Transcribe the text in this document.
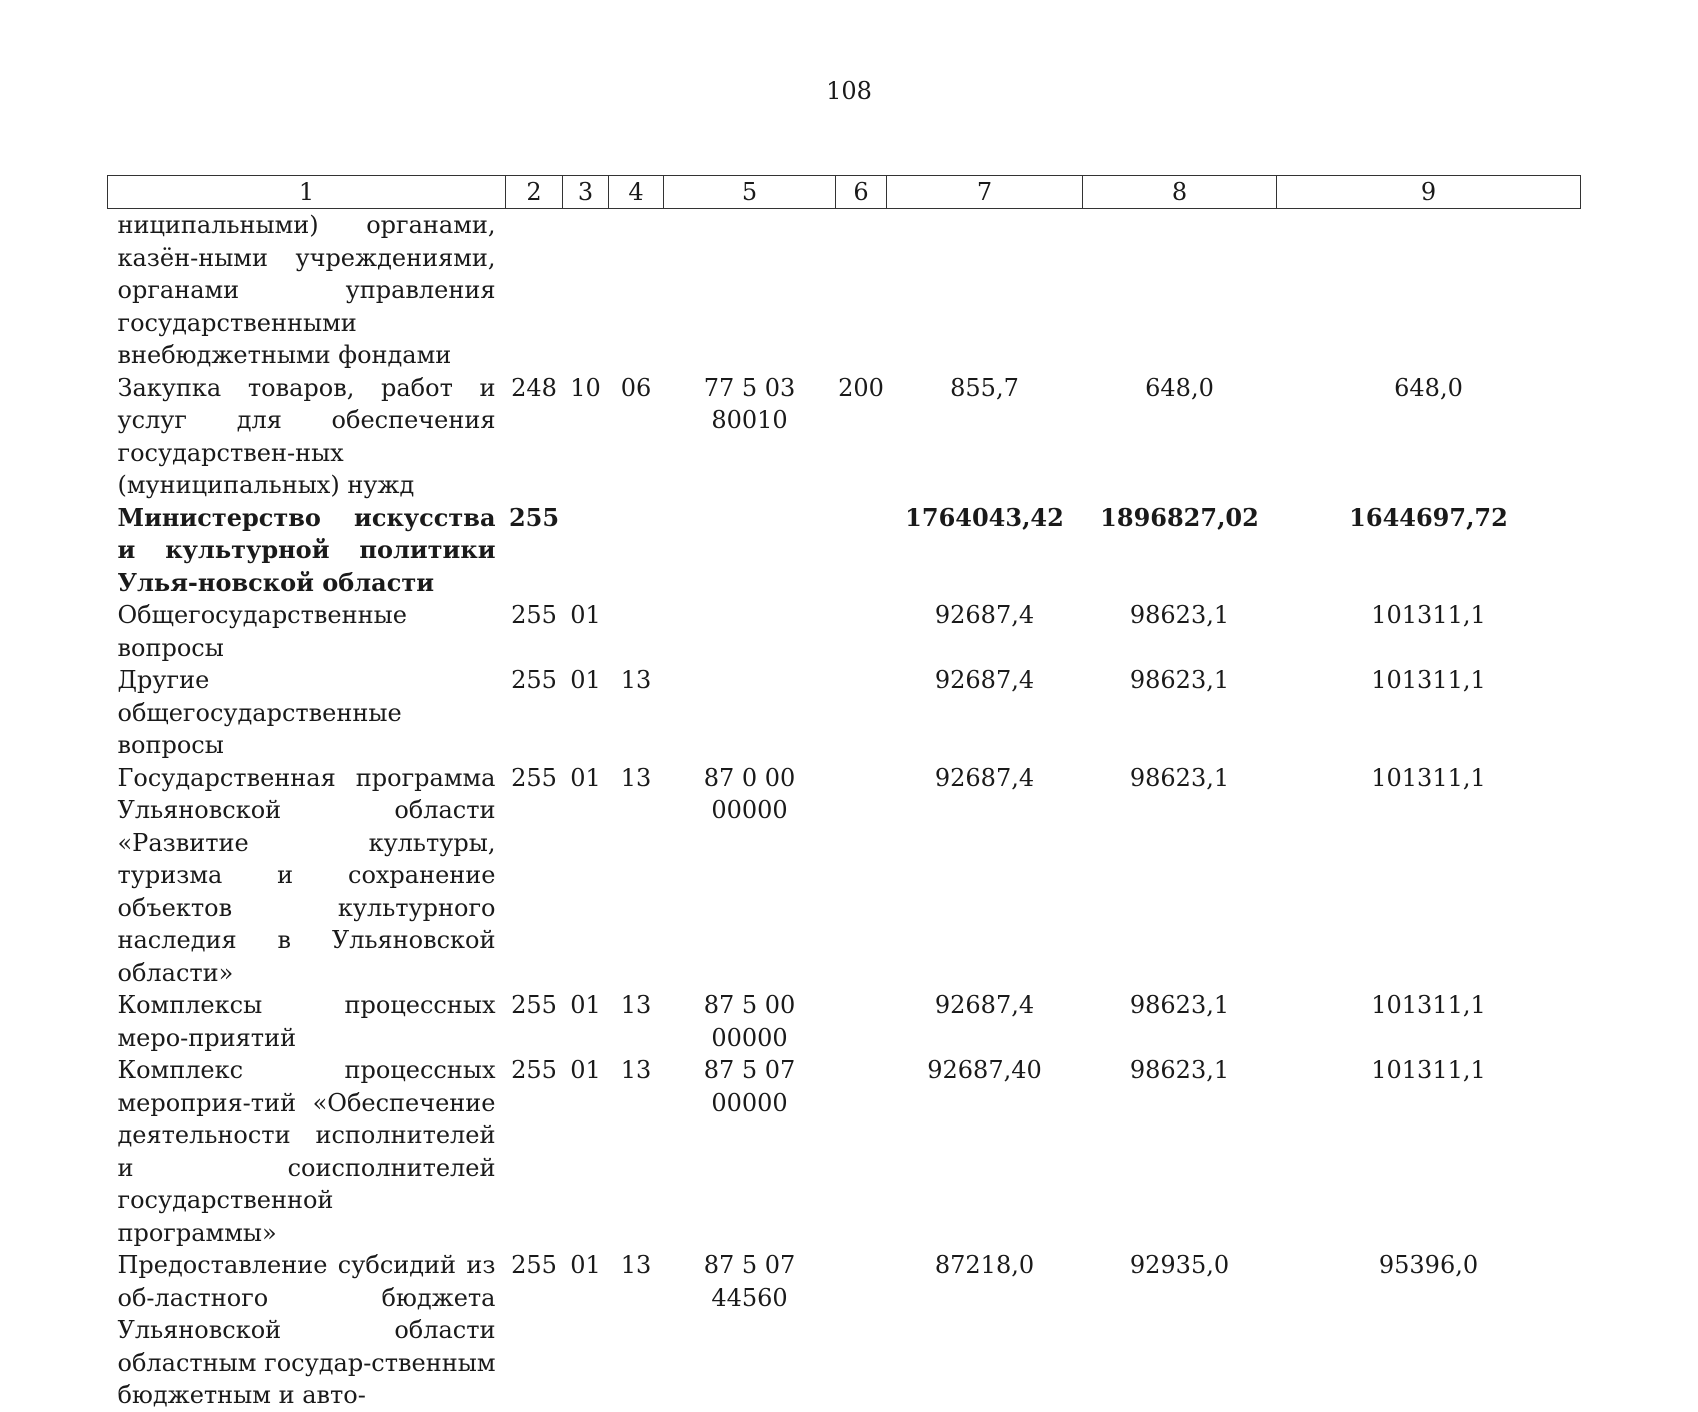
108
1	2	3	4	5	6	7	8	9
ниципальными) органами, казён-ными учреждениями, органами управления государственными внебюджетными фондами								
Закупка товаров, работ и услуг для обеспечения государствен-ных (муниципальных) нужд	248	10	06	77 5 03 80010	200	855,7	648,0	648,0
Министерство искусства и культурной политики Улья-новской области	255					1764043,42	1896827,02	1644697,72
Общегосударственные вопросы	255	01				92687,4	98623,1	101311,1
Другие общегосударственные вопросы	255	01	13			92687,4	98623,1	101311,1
Государственная программа Ульяновской области «Развитие культуры, туризма и сохранение объектов культурного наследия в Ульяновской области»	255	01	13	87 0 00 00000		92687,4	98623,1	101311,1
Комплексы процессных меро-приятий	255	01	13	87 5 00 00000		92687,4	98623,1	101311,1
Комплекс процессных мероприя-тий «Обеспечение деятельности исполнителей и соисполнителей государственной программы»	255	01	13	87 5 07 00000		92687,40	98623,1	101311,1
Предоставление субсидий из об-ластного бюджета Ульяновской области областным государ-ственным бюджетным и авто-	255	01	13	87 5 07 44560		87218,0	92935,0	95396,0
